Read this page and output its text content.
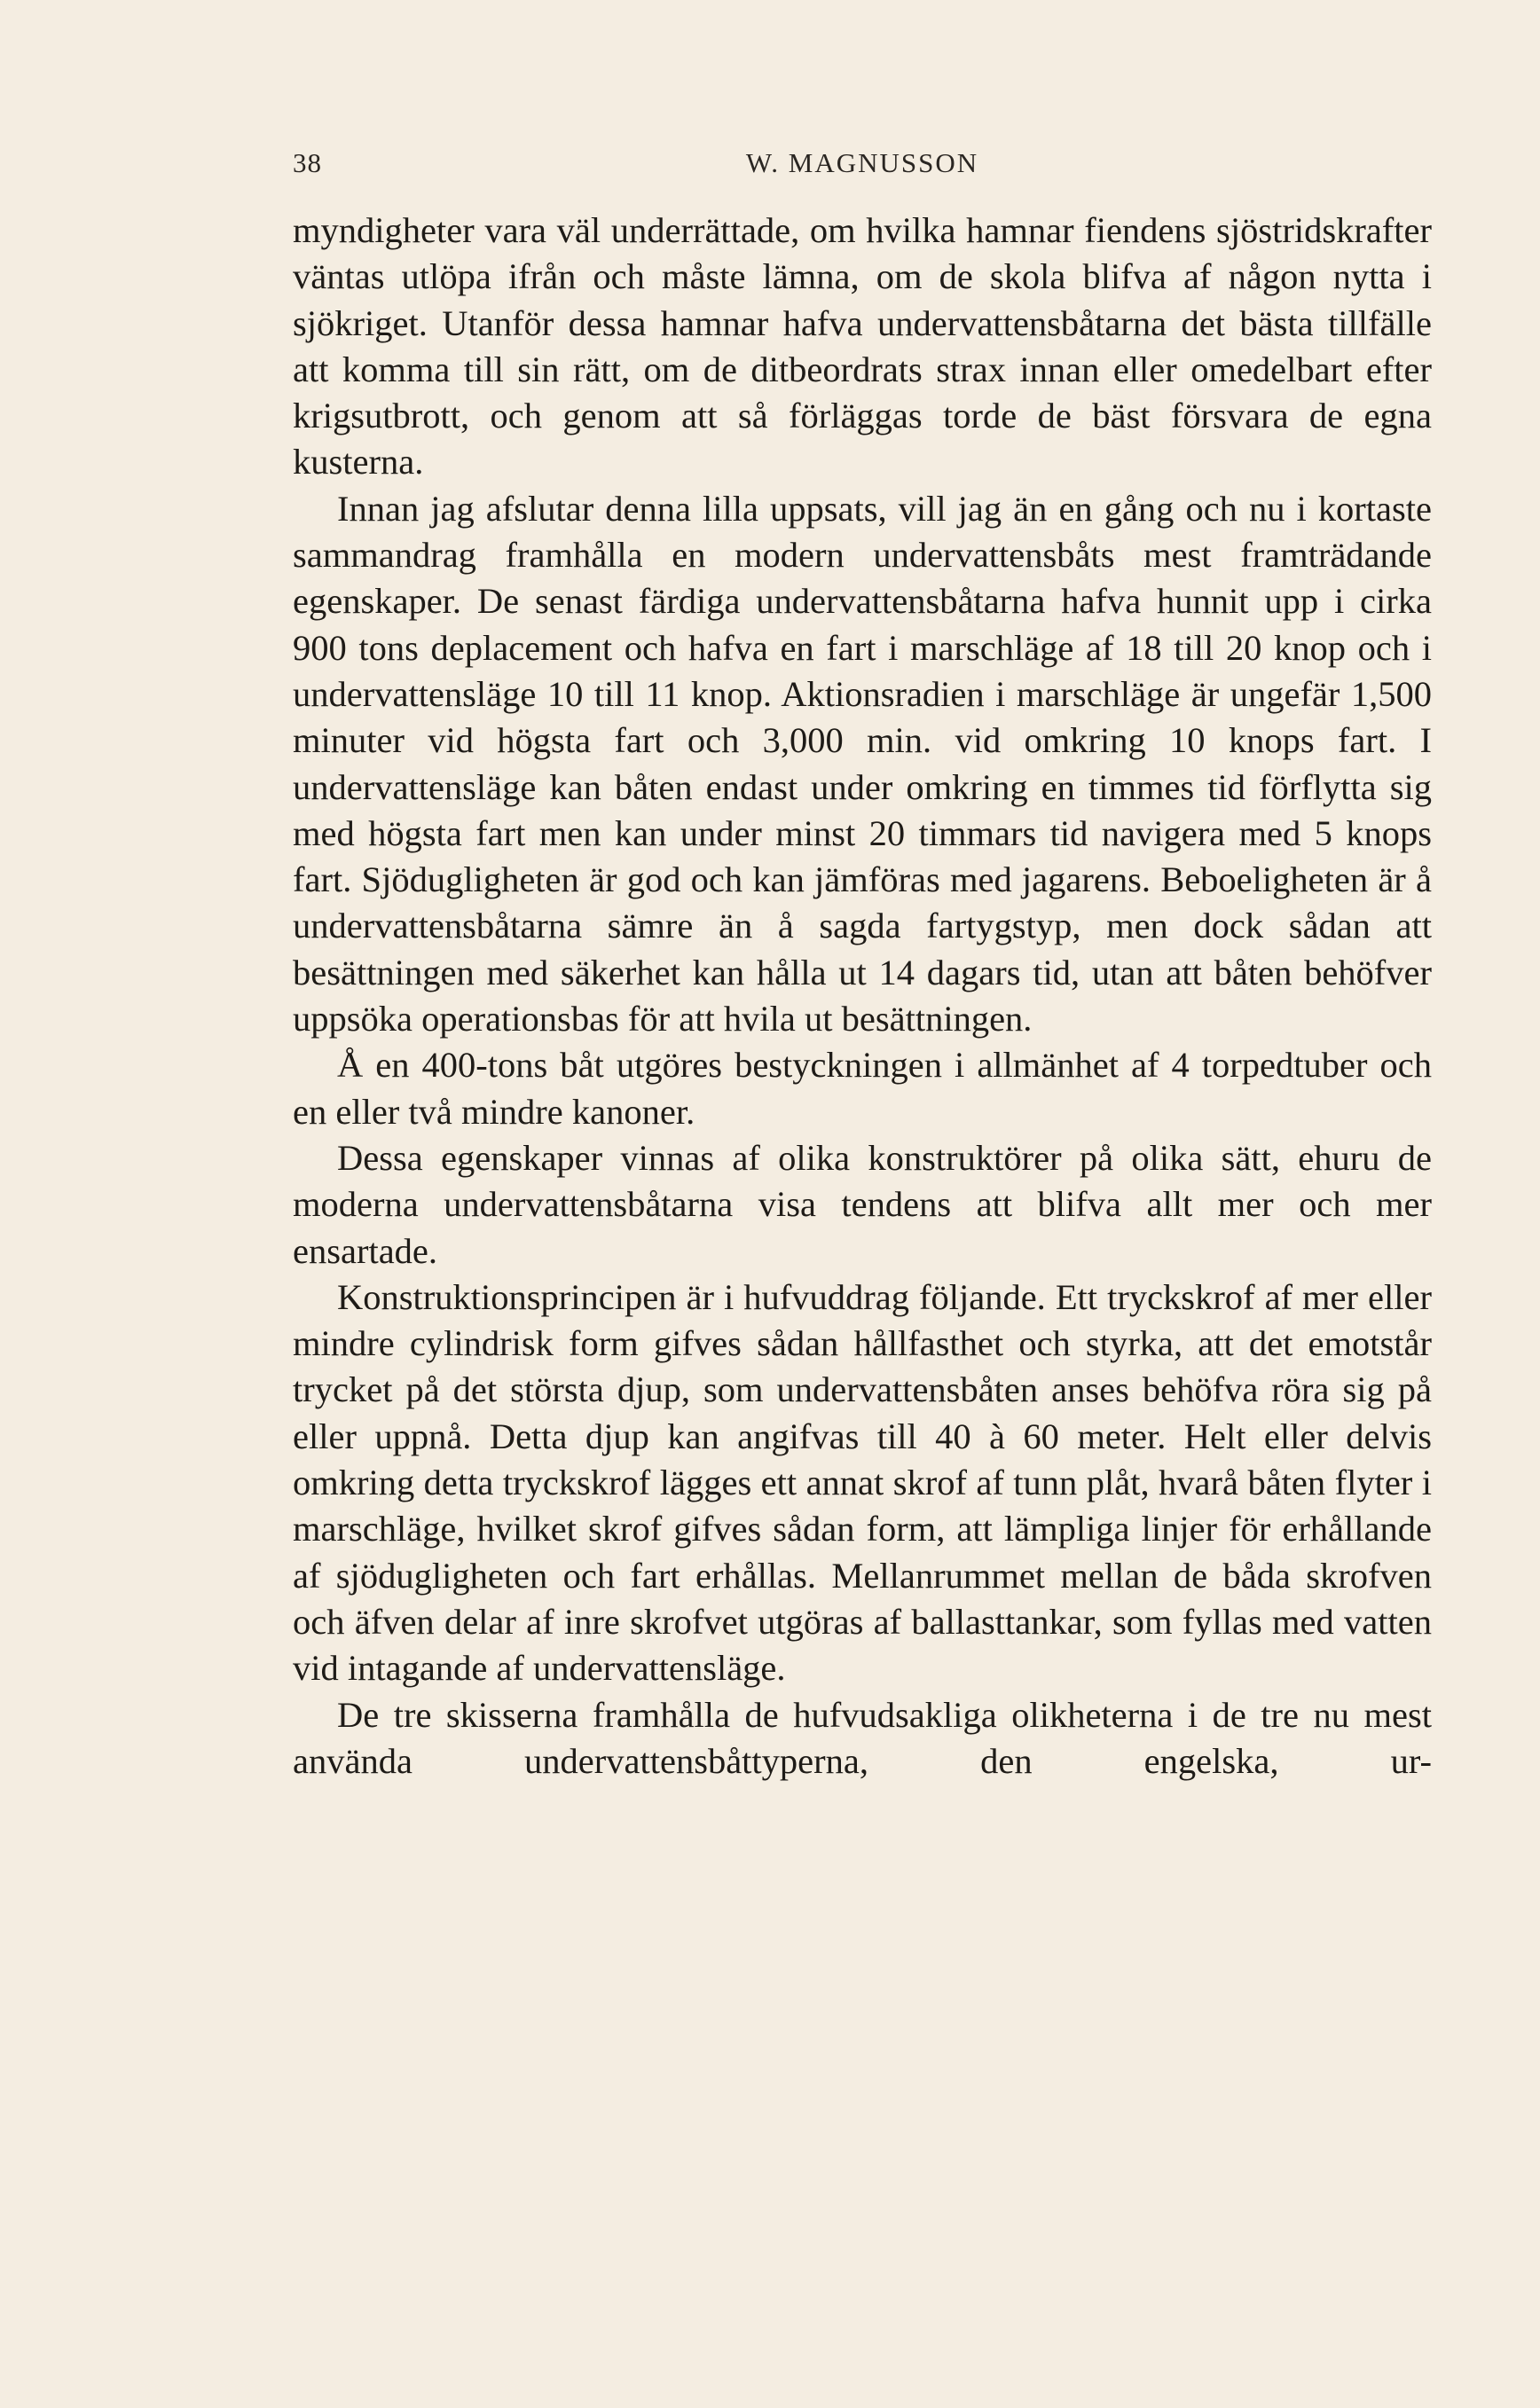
38	W. MAGNUSSON

myndigheter vara väl underrättade, om hvilka hamnar fiendens sjöstridskrafter väntas utlöpa ifrån och måste lämna, om de skola blifva af någon nytta i sjökriget. Utanför dessa hamnar hafva undervattensbåtarna det bästa tillfälle att komma till sin rätt, om de ditbeordrats strax innan eller omedelbart efter krigsutbrott, och genom att så förläggas torde de bäst försvara de egna kusterna.

Innan jag afslutar denna lilla uppsats, vill jag än en gång och nu i kortaste sammandrag framhålla en modern undervattensbåts mest framträdande egenskaper. De senast färdiga undervattensbåtarna hafva hunnit upp i cirka 900 tons deplacement och hafva en fart i marschläge af 18 till 20 knop och i undervattensläge 10 till 11 knop. Aktionsradien i marschläge är ungefär 1,500 minuter vid högsta fart och 3,000 min. vid omkring 10 knops fart. I undervattensläge kan båten endast under omkring en timmes tid förflytta sig med högsta fart men kan under minst 20 timmars tid navigera med 5 knops fart. Sjödugligheten är god och kan jämföras med jagarens. Beboeligheten är å undervattensbåtarna sämre än å sagda fartygstyp, men dock sådan att besättningen med säkerhet kan hålla ut 14 dagars tid, utan att båten behöfver uppsöka operationsbas för att hvila ut besättningen.

Å en 400-tons båt utgöres bestyckningen i allmänhet af 4 torpedtuber och en eller två mindre kanoner.

Dessa egenskaper vinnas af olika konstruktörer på olika sätt, ehuru de moderna undervattensbåtarna visa tendens att blifva allt mer och mer ensartade.

Konstruktionsprincipen är i hufvuddrag följande. Ett tryckskrof af mer eller mindre cylindrisk form gifves sådan hållfasthet och styrka, att det emotstår trycket på det största djup, som undervattensbåten anses behöfva röra sig på eller uppnå. Detta djup kan angifvas till 40 à 60 meter. Helt eller delvis omkring detta tryckskrof lägges ett annat skrof af tunn plåt, hvarå båten flyter i marschläge, hvilket skrof gifves sådan form, att lämpliga linjer för erhållande af sjödugligheten och fart erhållas. Mellanrummet mellan de båda skrofven och äfven delar af inre skrofvet utgöras af ballasttankar, som fyllas med vatten vid intagande af undervattensläge.

De tre skisserna framhålla de hufvudsakliga olikheterna i de tre nu mest använda undervattensbåttyperna, den engelska, ur-
